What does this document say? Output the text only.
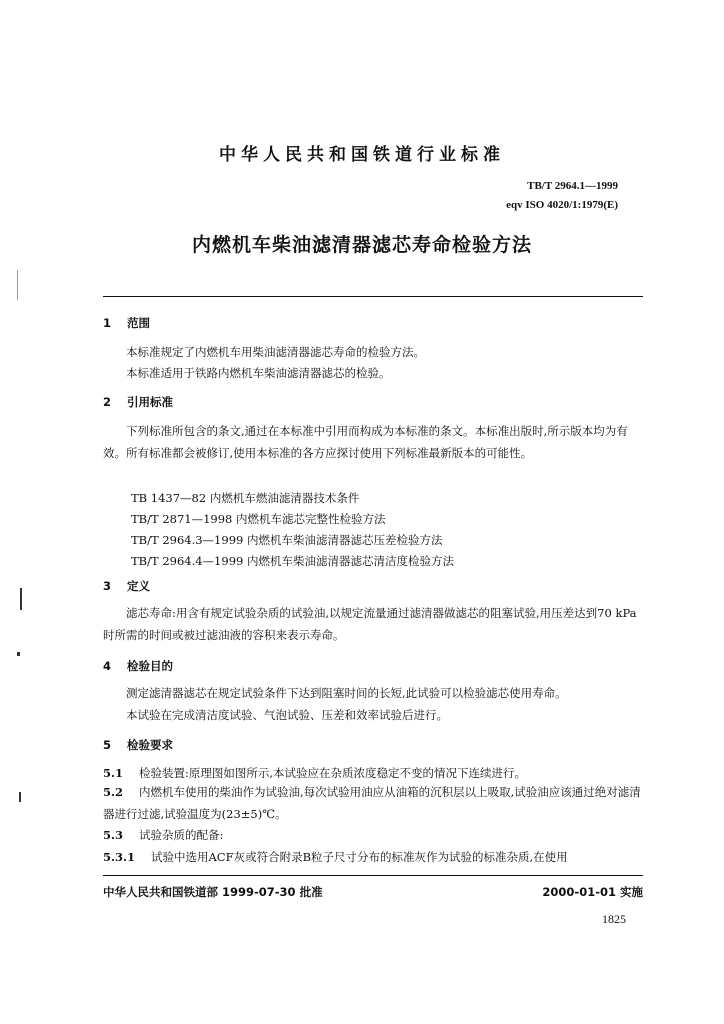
中华人民共和国铁道行业标准
TB/T 2964.1—1999
eqv ISO 4020/1:1979(E)
内燃机车柴油滤清器滤芯寿命检验方法
1 范围
本标准规定了内燃机车用柴油滤清器滤芯寿命的检验方法。
本标准适用于铁路内燃机车柴油滤清器滤芯的检验。
2 引用标准
下列标准所包含的条文,通过在本标准中引用而构成为本标准的条文。本标准出版时,所示版本均为有效。所有标准都会被修订,使用本标准的各方应探讨使用下列标准最新版本的可能性。
TB 1437—82 内燃机车燃油滤清器技术条件
TB/T 2871—1998 内燃机车滤芯完整性检验方法
TB/T 2964.3—1999 内燃机车柴油滤清器滤芯压差检验方法
TB/T 2964.4—1999 内燃机车柴油滤清器滤芯清洁度检验方法
3 定义
滤芯寿命:用含有规定试验杂质的试验油,以规定流量通过滤清器做滤芯的阻塞试验,用压差达到70 kPa时所需的时间或被过滤油液的容积来表示寿命。
4 检验目的
测定滤清器滤芯在规定试验条件下达到阻塞时间的长短,此试验可以检验滤芯使用寿命。
本试验在完成清洁度试验、气泡试验、压差和效率试验后进行。
5 检验要求
5.1 检验装置:原理图如图所示,本试验应在杂质浓度稳定不变的情况下连续进行。
5.2 内燃机车使用的柴油作为试验油,每次试验用油应从油箱的沉积层以上吸取,试验油应该通过绝对滤清器进行过滤,试验温度为(23±5)℃。
5.3 试验杂质的配备:
5.3.1 试验中选用ACF灰或符合附录B粒子尺寸分布的标准灰作为试验的标准杂质,在使用
中华人民共和国铁道部 1999-07-30 批准	2000-01-01 实施
1825
